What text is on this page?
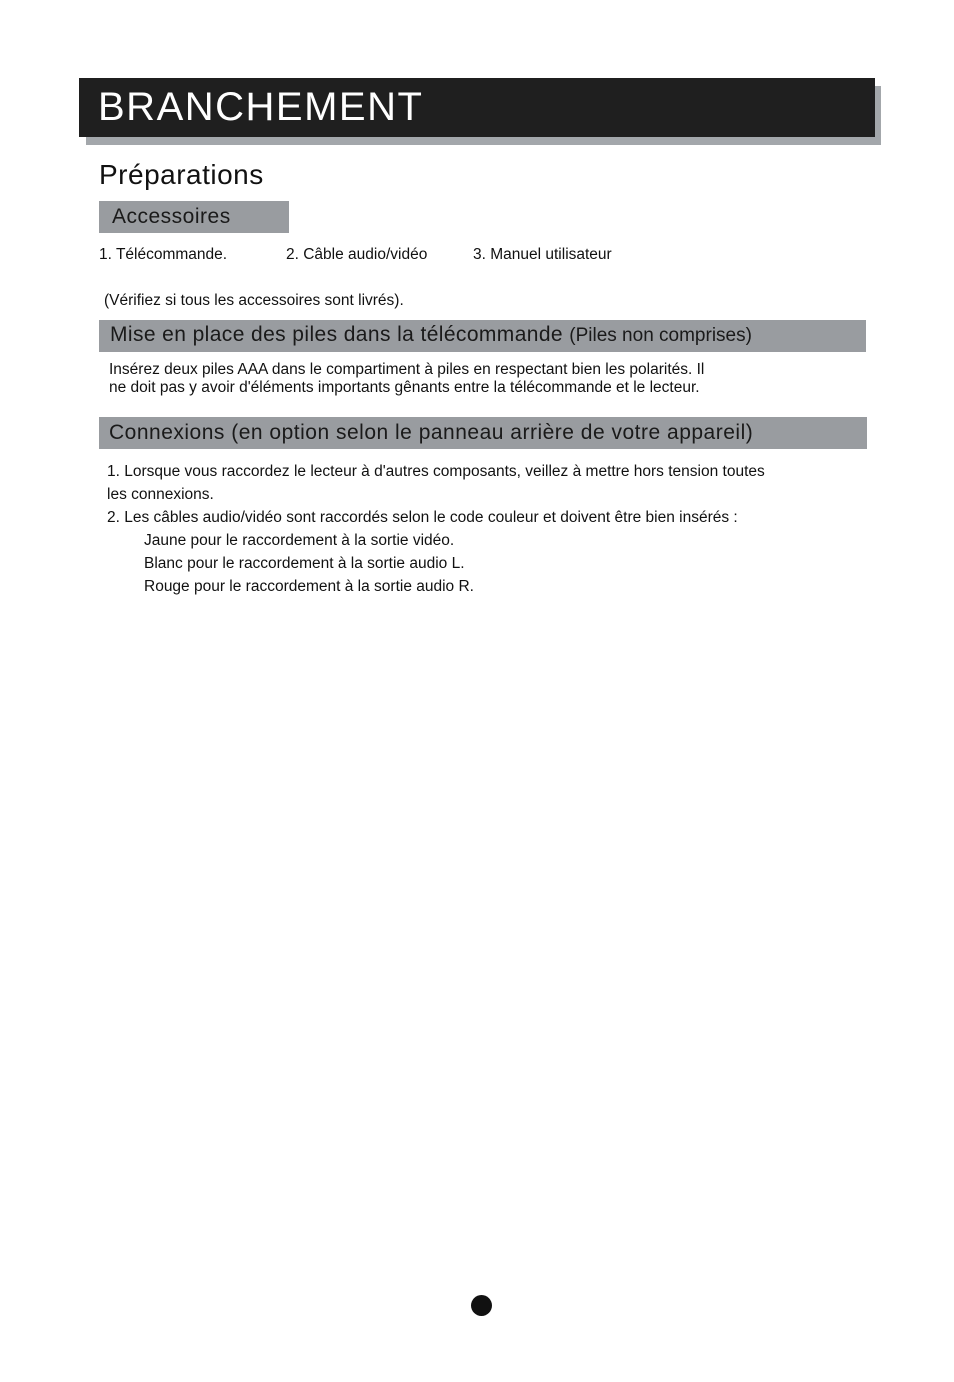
BRANCHEMENT
Préparations
Accessoires
1. Télécommande.	2. Câble audio/vidéo	3. Manuel utilisateur
(Vérifiez si tous les accessoires sont livrés).
Mise en place des piles dans la télécommande (Piles non comprises)
Insérez deux piles AAA dans le compartiment à piles en respectant bien les polarités. Il
ne doit pas y avoir d'éléments importants gênants entre la télécommande et le lecteur.
Connexions (en option selon le panneau arrière de votre appareil)
1. Lorsque vous raccordez le lecteur à d'autres composants, veillez à mettre hors tension toutes
les connexions.
2. Les câbles audio/vidéo sont raccordés selon le code couleur et doivent être bien insérés :
Jaune pour le raccordement à la sortie vidéo.
Blanc pour le raccordement à la sortie audio L.
Rouge pour le raccordement à la sortie audio R.
